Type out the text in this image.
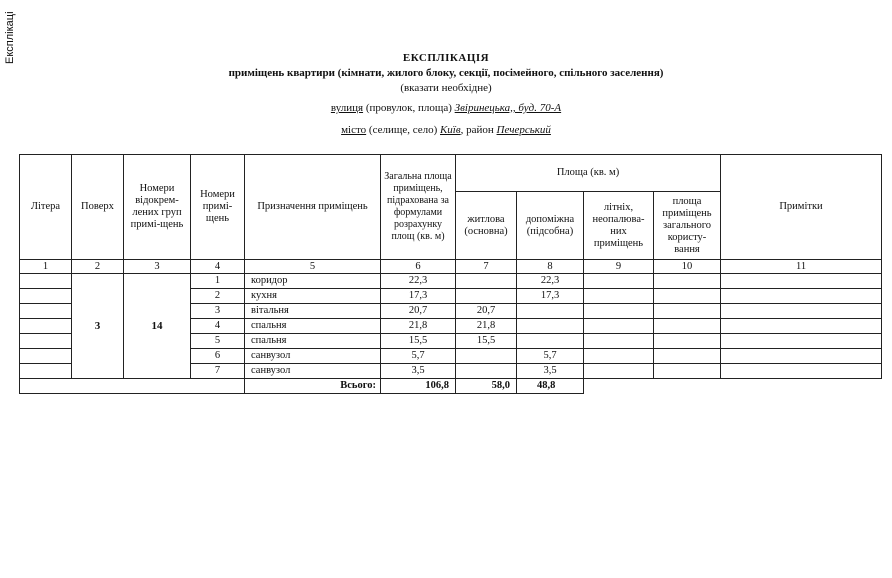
Експлікаці	ЕКСПЛІКАЦІЯ
приміщень квартири (кімнати, жилого блоку, секції, посімейного, спільного заселення)
(вказати необхідне)
вулиця (провулок, площа) Звіринецька,, буд. 70-А
місто (селище, село) Київ, район Печерський
Літера	Поверх	Номери відокрем-лених груп примі-щень	Номери примі-щень	Призначення приміщень	Загальна площа приміщень, підрахована за формулами розрахунку площ (кв. м)	Площа (кв. м)				Примітки
						житлова (основна)	допоміжна (підсобна)	літніх, неопалюва-них приміщень	площа приміщень загального користу-вання	
1	2	3	4	5	6	7	8	9	10	11
	3	14	1	коридор	22,3		22,3			
			2	кухня	17,3		17,3			
			3	вітальня	20,7	20,7				
			4	спальня	21,8	21,8				
			5	спальня	15,5	15,5				
			6	санвузол	5,7		5,7			
			7	санвузол	3,5		3,5			
				Всього:	106,8	58,0	48,8			
